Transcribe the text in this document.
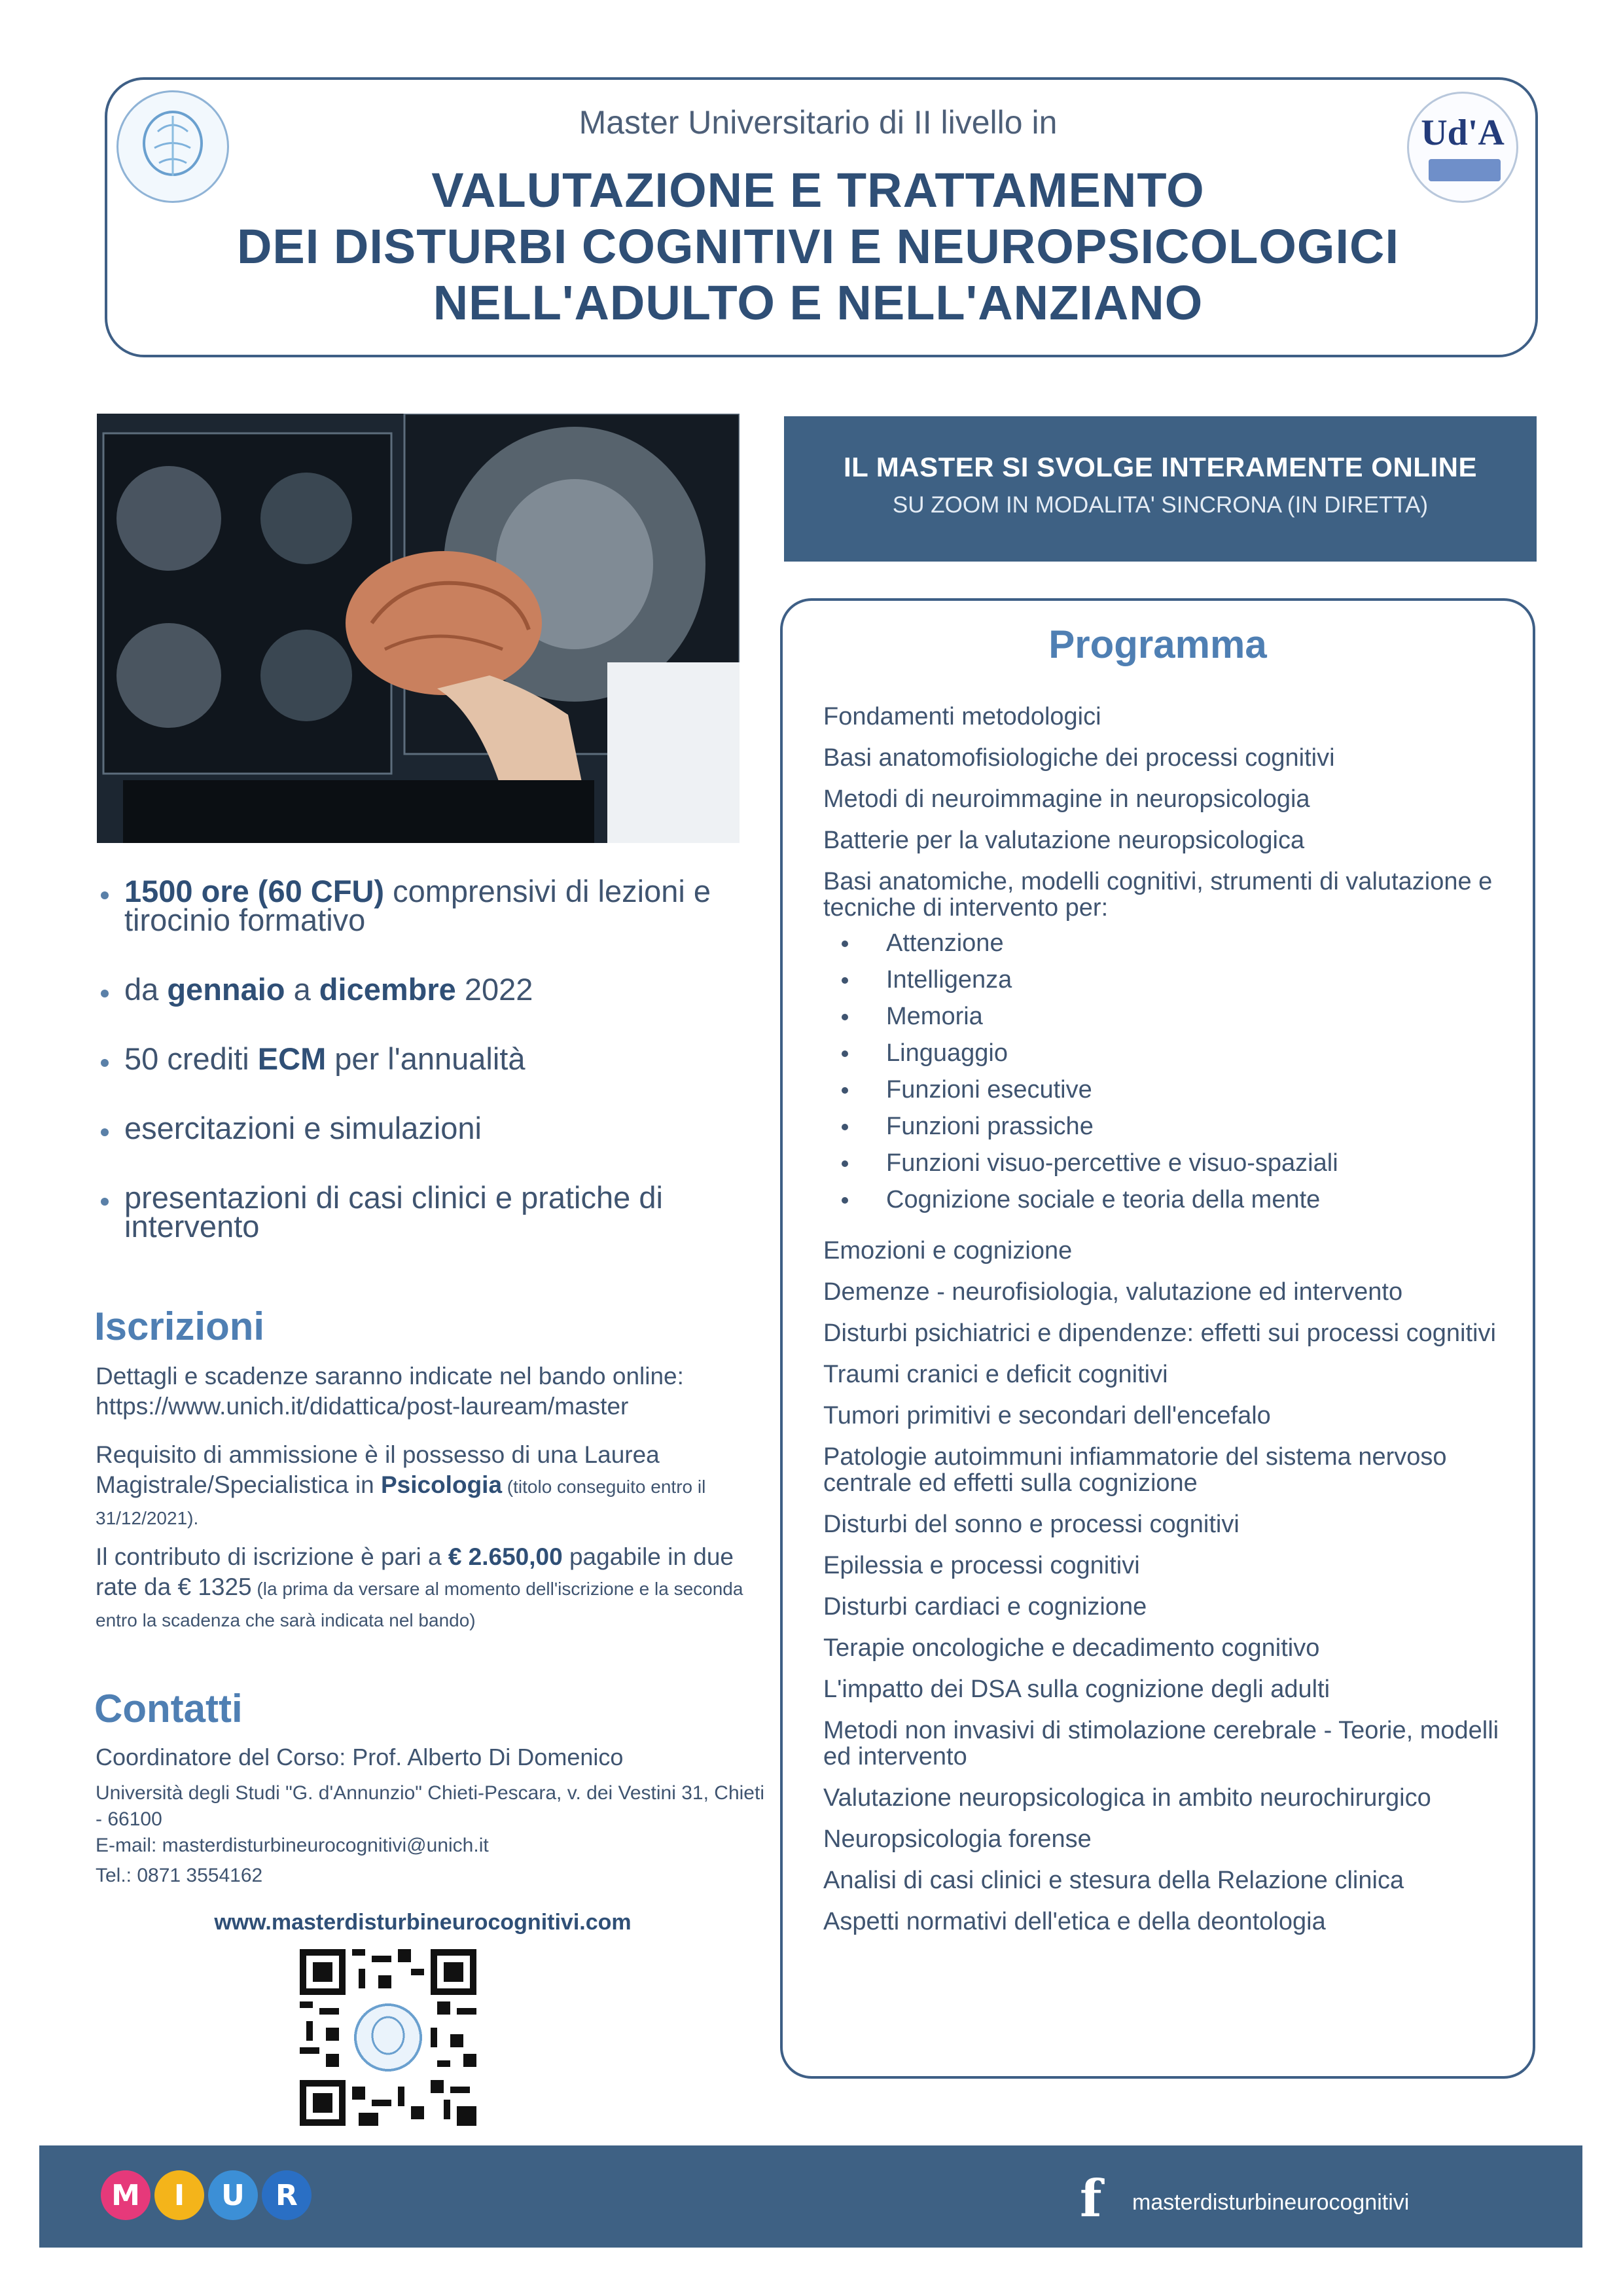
Ud'A
Master Universitario di II livello in
VALUTAZIONE E TRATTAMENTO
DEI DISTURBI COGNITIVI E NEUROPSICOLOGICI
NELL'ADULTO E NELL'ANZIANO
IL MASTER SI SVOLGE INTERAMENTE ONLINE
SU ZOOM IN MODALITA' SINCRONA (IN DIRETTA)
1500 ore (60 CFU) comprensivi di lezioni e tirocinio formativo
da gennaio a dicembre 2022
50 crediti ECM per l'annualità
esercitazioni e simulazioni
presentazioni di casi clinici e pratiche di intervento
Iscrizioni
Dettagli e scadenze saranno indicate nel bando online:
https://www.unich.it/didattica/post-lauream/master
Requisito di ammissione è il possesso di una Laurea Magistrale/Specialistica in Psicologia (titolo conseguito entro il 31/12/2021).
Il contributo di iscrizione è pari a € 2.650,00 pagabile in due rate da € 1325 (la prima da versare al momento dell'iscrizione e la seconda entro la scadenza che sarà indicata nel bando)
Contatti
Coordinatore del Corso: Prof. Alberto Di Domenico
Università degli Studi "G. d'Annunzio" Chieti-Pescara, v. dei Vestini 31, Chieti - 66100
E-mail: masterdisturbineurocognitivi@unich.it
Tel.: 0871 3554162
www.masterdisturbineurocognitivi.com
Programma
Fondamenti metodologici
Basi anatomofisiologiche dei processi cognitivi
Metodi di neuroimmagine in neuropsicologia
Batterie per la valutazione neuropsicologica
Basi anatomiche, modelli cognitivi, strumenti di valutazione e tecniche di intervento per:
Attenzione
Intelligenza
Memoria
Linguaggio
Funzioni esecutive
Funzioni prassiche
Funzioni visuo-percettive e visuo-spaziali
Cognizione sociale e teoria della mente
Emozioni e cognizione
Demenze - neurofisiologia, valutazione ed intervento
Disturbi psichiatrici e dipendenze: effetti sui processi cognitivi
Traumi cranici e deficit cognitivi
Tumori primitivi e secondari dell'encefalo
Patologie autoimmuni infiammatorie del sistema nervoso centrale ed effetti sulla cognizione
Disturbi del sonno e processi cognitivi
Epilessia e processi cognitivi
Disturbi cardiaci e cognizione
Terapie oncologiche e decadimento cognitivo
L'impatto dei DSA sulla cognizione degli adulti
Metodi non invasivi di stimolazione cerebrale - Teorie, modelli ed intervento
Valutazione neuropsicologica in ambito neurochirurgico
Neuropsicologia forense
Analisi di casi clinici e stesura della Relazione clinica
Aspetti normativi dell'etica e della deontologia
M	I	U	R	f masterdisturbineurocognitivi
